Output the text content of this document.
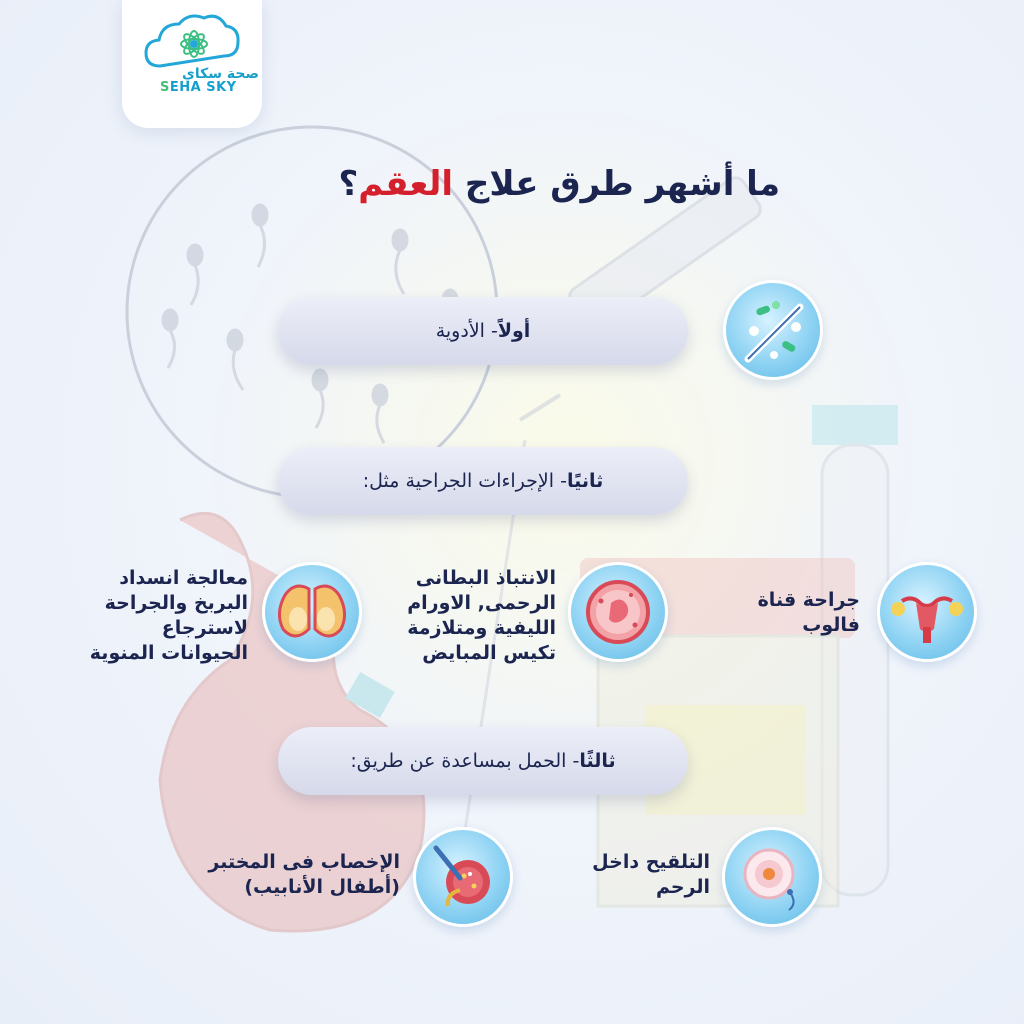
صحة سكاي
SEHA SKY
ما أشهر طرق علاج العقم؟
أولاً
- الأدوية
ثانيًا
- الإجراءات الجراحية مثل:
ثالثًا
- الحمل بمساعدة عن طريق:
جراحة قناة
فالوب
الانتباذ البطانى
الرحمى, الاورام
الليفية ومتلازمة
تكيس المبايض
معالجة انسداد
البربخ والجراحة
لاسترجاع
الحيوانات المنوية
التلقيح داخل
الرحم
الإخصاب فى المختبر
(أطفال الأنابيب)
